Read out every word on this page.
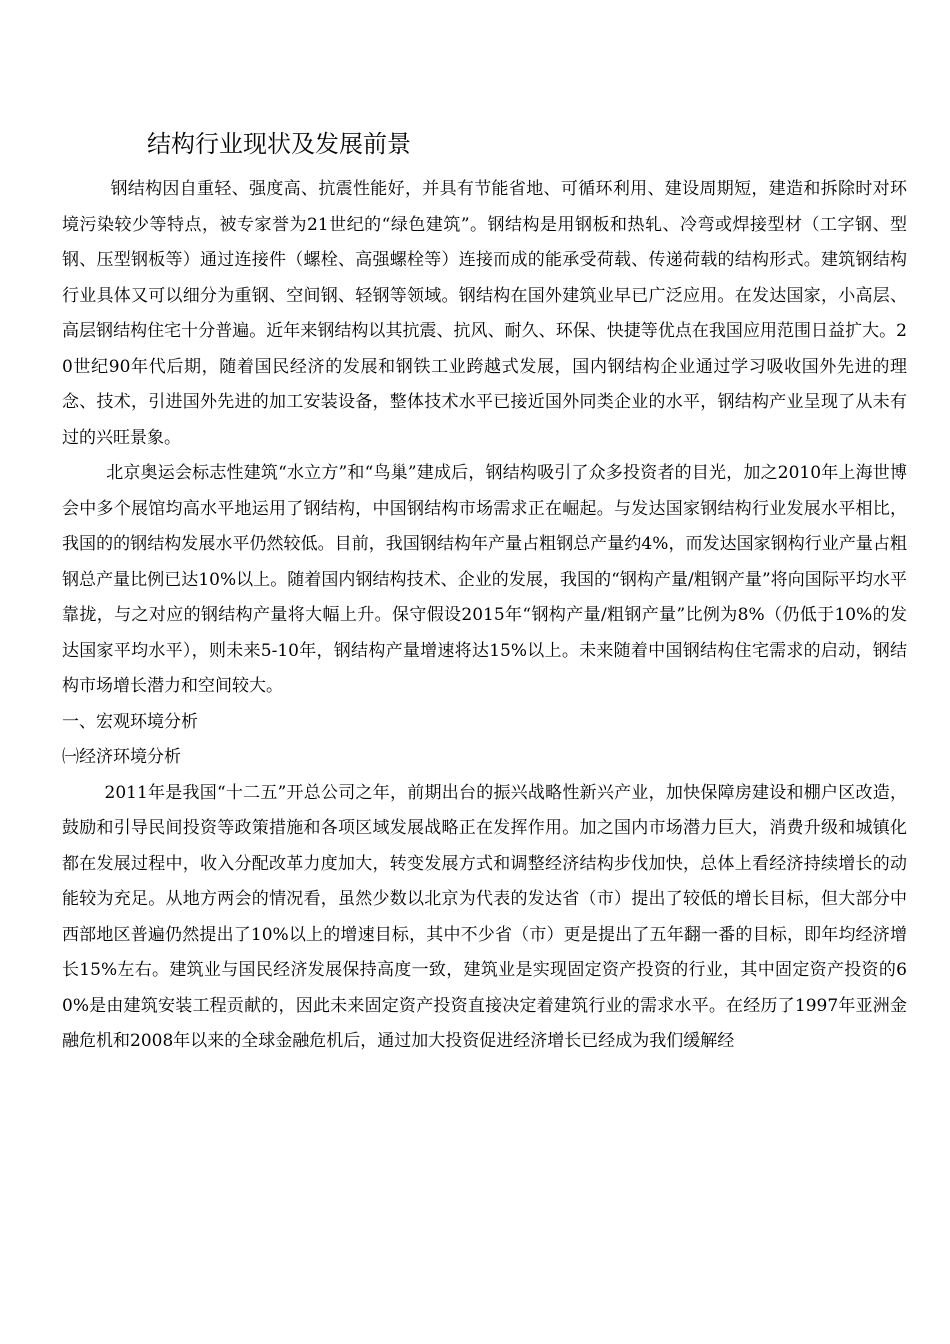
结构行业现状及发展前景

钢结构因自重轻、强度高、抗震性能好，并具有节能省地、可循环利用、建设周期短，建造和拆除时对环境污染较少等特点，被专家誉为21世纪的“绿色建筑”。钢结构是用钢板和热轧、冷弯或焊接型材（工字钢、型钢、压型钢板等）通过连接件（螺栓、高强螺栓等）连接而成的能承受荷载、传递荷载的结构形式。建筑钢结构行业具体又可以细分为重钢、空间钢、轻钢等领域。钢结构在国外建筑业早已广泛应用。在发达国家，小高层、高层钢结构住宅十分普遍。近年来钢结构以其抗震、抗风、耐久、环保、快捷等优点在我国应用范围日益扩大。20世纪90年代后期，随着国民经济的发展和钢铁工业跨越式发展，国内钢结构企业通过学习吸收国外先进的理念、技术，引进国外先进的加工安装设备，整体技术水平已接近国外同类企业的水平，钢结构产业呈现了从未有过的兴旺景象。

北京奥运会标志性建筑“水立方”和“鸟巢”建成后，钢结构吸引了众多投资者的目光，加之2010年上海世博会中多个展馆均高水平地运用了钢结构，中国钢结构市场需求正在崛起。与发达国家钢结构行业发展水平相比，我国的的钢结构发展水平仍然较低。目前，我国钢结构年产量占粗钢总产量约4%，而发达国家钢构行业产量占粗钢总产量比例已达10%以上。随着国内钢结构技术、企业的发展，我国的“钢构产量/粗钢产量”将向国际平均水平靠拢，与之对应的钢结构产量将大幅上升。保守假设2015年“钢构产量/粗钢产量”比例为8%（仍低于10%的发达国家平均水平），则未来5-10年，钢结构产量增速将达15%以上。未来随着中国钢结构住宅需求的启动，钢结构市场增长潜力和空间较大。

一、宏观环境分析

㈠经济环境分析

2011年是我国“十二五”开总公司之年，前期出台的振兴战略性新兴产业，加快保障房建设和棚户区改造，鼓励和引导民间投资等政策措施和各项区域发展战略正在发挥作用。加之国内市场潜力巨大，消费升级和城镇化都在发展过程中，收入分配改革力度加大，转变发展方式和调整经济结构步伐加快，总体上看经济持续增长的动能较为充足。从地方两会的情况看，虽然少数以北京为代表的发达省（市）提出了较低的增长目标，但大部分中西部地区普遍仍然提出了10%以上的增速目标，其中不少省（市）更是提出了五年翻一番的目标，即年均经济增长15%左右。建筑业与国民经济发展保持高度一致，建筑业是实现固定资产投资的行业，其中固定资产投资的60%是由建筑安装工程贡献的，因此未来固定资产投资直接决定着建筑行业的需求水平。在经历了1997年亚洲金融危机和2008年以来的全球金融危机后，通过加大投资促进经济增长已经成为我们缓解经
